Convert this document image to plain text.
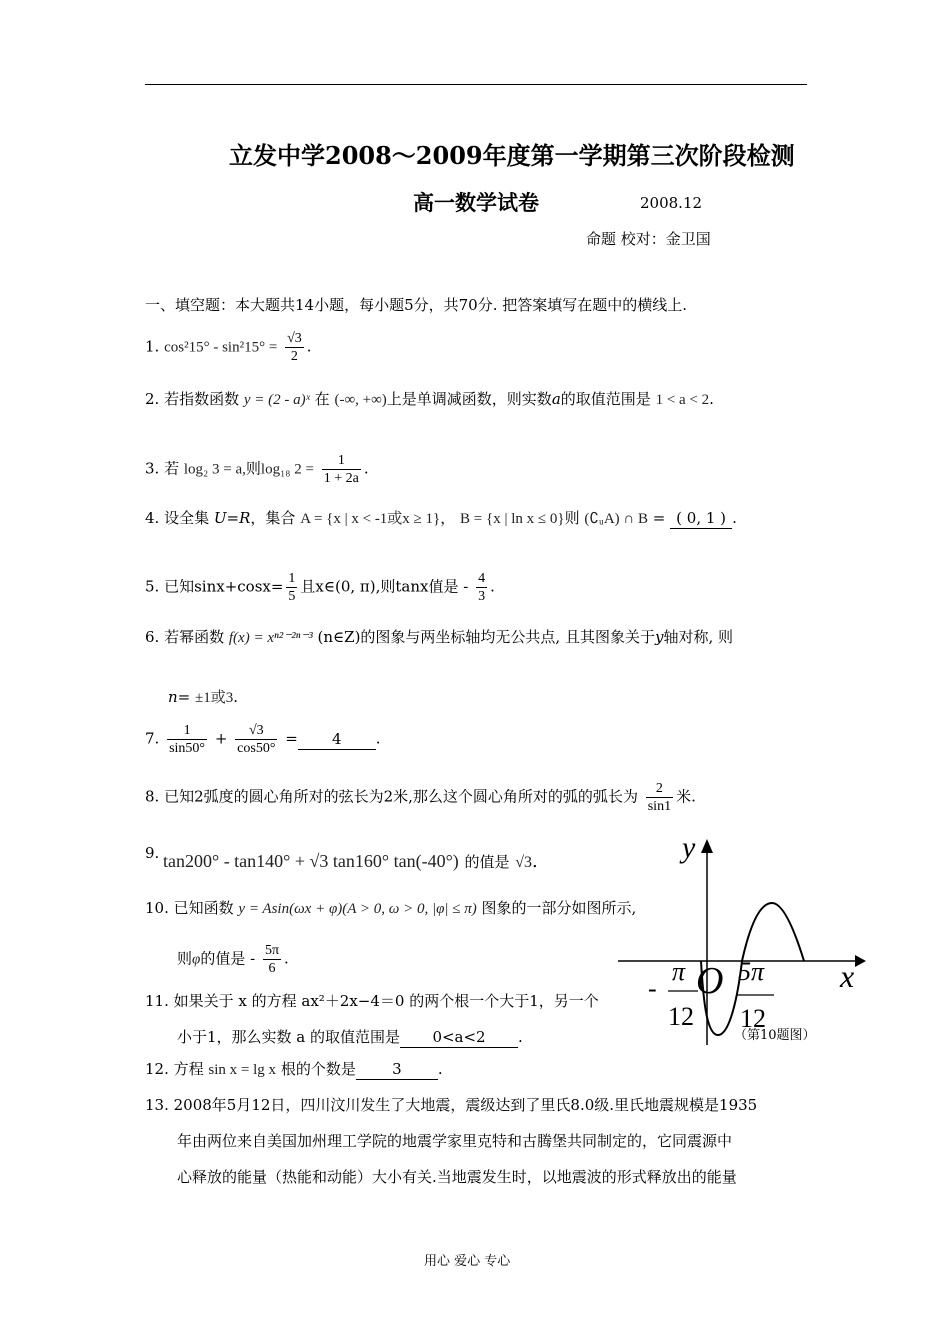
立发中学2008～2009年度第一学期第三次阶段检测
高一数学试卷	2008.12
命题 校对：金卫国
一、填空题：本大题共14小题，每小题5分，共70分. 把答案填写在题中的横线上.
1. $\cos^215^\circ - \sin^215^\circ = \frac{√3}{2}$ .
2. 若指数函数 y = (2 - a)ˣ 在 (-∞, +∞)上是单调减函数，则实数a的取值范围是 1 < a < 2.
3. 若 log₂ 3 = a,则log₁₈ $2 = \frac{1}{1 + 2a}$ .
4. 设全集 U=R，集合 A = {x | x < -1或x ≥ 1}， B = {x | ln x ≤ 0}则 (∁ᵤA) ∩ B = ( 0, 1 ) .
5. 已知$\sin x+\cos x= \frac{1}{5}$ 且x∈(0, π),则tanx值是 - $\frac{4}{3}$ .
6. 若幂函数 f(x) = xⁿ²⁻²ⁿ⁻³ (n∈Z)的图象与两坐标轴均无公共点, 且其图象关于y轴对称, 则
n= ±1或3.
7. $\frac{1}{\sin 50^\circ} + \frac{√3}{\cos 50^\circ} = 4$ .
8. 已知2弧度的圆心角所对的弦长为2米,那么这个圆心角所对的弧的弧长为 $\frac{2}{\sin 1}$ 米.
9. tan200° - tan140° + √3 tan160° tan(-40°) 的值是 √3.
10. 已知函数 y = Asin(ωx + φ)(A > 0, ω > 0, |φ| ≤ π) 图象的一部分如图所示,
则φ的值是 - $\frac{5\pi}{6}$ .
11. 如果关于 x 的方程 ax²＋2x−4＝0 的两个根一个大于1，另一个
小于1，那么实数 a 的取值范围是 0<a<2 .
12. 方程 sin x = lg x 根的个数是 3 .
13. 2008年5月12日，四川汶川发生了大地震，震级达到了里氏8.0级.里氏地震规模是1935
年由两位来自美国加州理工学院的地震学家里克特和古腾堡共同制定的，它同震源中
心释放的能量（热能和动能）大小有关.当地震发生时，以地震波的形式释放出的能量
y
x
O
-
π
12
5π
12
（第10题图）
用心 爱心 专心
